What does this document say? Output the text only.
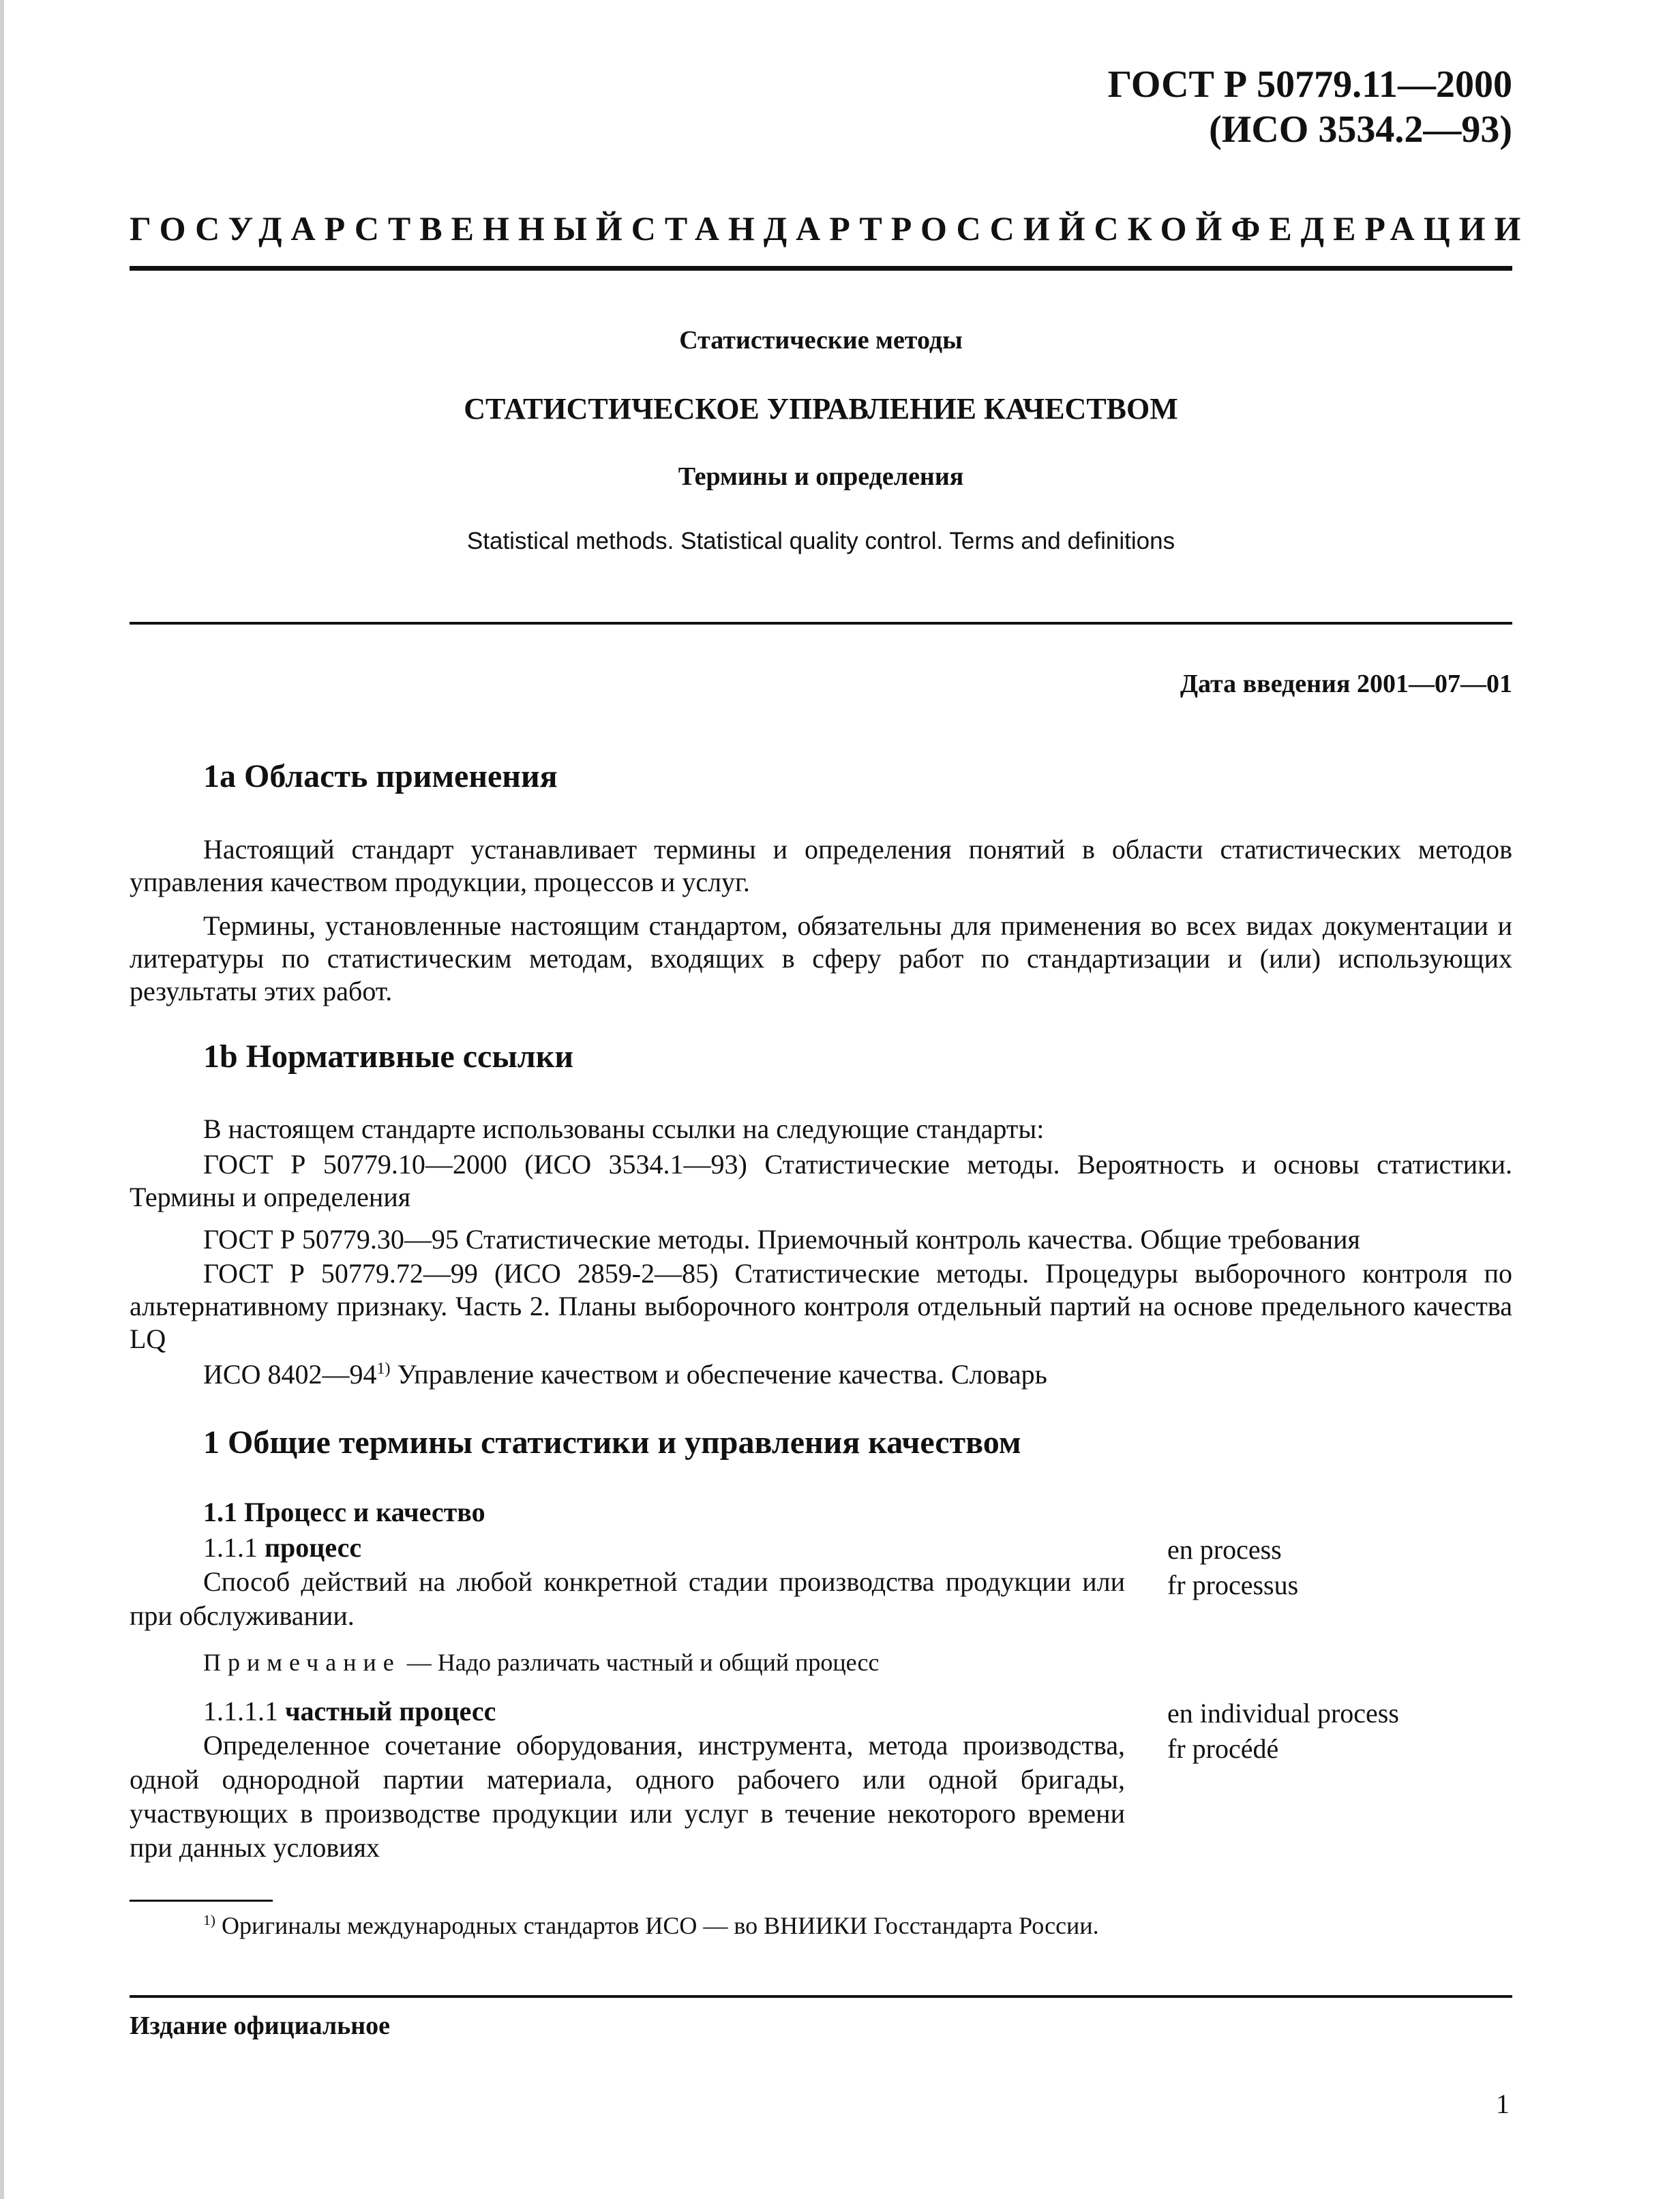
ГОСТ Р 50779.11—2000
(ИСО 3534.2—93)
ГОСУДАРСТВЕННЫЙ СТАНДАРТ РОССИЙСКОЙ ФЕДЕРАЦИИ
Статистические методы
СТАТИСТИЧЕСКОЕ УПРАВЛЕНИЕ КАЧЕСТВОМ
Термины и определения
Statistical methods. Statistical quality control. Terms and definitions
Дата введения 2001—07—01
1а Область применения
Настоящий стандарт устанавливает термины и определения понятий в области статистических методов управления качеством продукции, процессов и услуг.
Термины, установленные настоящим стандартом, обязательны для применения во всех видах документации и литературы по статистическим методам, входящих в сферу работ по стандартизации и (или) использующих результаты этих работ.
1b Нормативные ссылки
В настоящем стандарте использованы ссылки на следующие стандарты:
ГОСТ Р 50779.10—2000 (ИСО 3534.1—93) Статистические методы. Вероятность и основы статистики. Термины и определения
ГОСТ Р 50779.30—95 Статистические методы. Приемочный контроль качества. Общие требования
ГОСТ Р 50779.72—99 (ИСО 2859-2—85) Статистические методы. Процедуры выборочного контроля по альтернативному признаку. Часть 2. Планы выборочного контроля отдельный партий на основе предельного качества LQ
ИСО 8402—94$^{1)}$ Управление качеством и обеспечение качества. Словарь
1 Общие термины статистики и управления качеством
1.1 Процесс и качество
1.1.1 процесс
Способ действий на любой конкретной стадии производства продукции или при обслуживании.
en process
fr processus
Примечание — Надо различать частный и общий процесс
1.1.1.1 частный процесс
Определенное сочетание оборудования, инструмента, метода производства, одной однородной партии материала, одного рабочего или одной бригады, участвующих в производстве продукции или услуг в течение некоторого времени при данных условиях
en individual process
fr procédé
$^{1)}$ Оригиналы международных стандартов ИСО — во ВНИИКИ Госстандарта России.
Издание официальное
1
